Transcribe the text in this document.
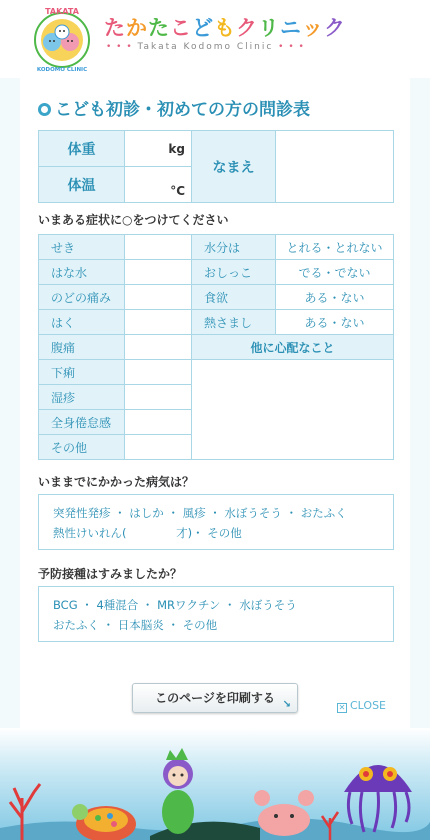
TAKATA
KODOMO CLINIC
たかたこどもクリニック
• • • Takata Kodomo Clinic • • •
こども初診・初めての方の問診表
体重	kg	なまえ	
体温	°C		
いまある症状に○をつけてください
せき		水分は	とれる・とれない
はな水		おしっこ	でる・でない
のどの痛み		食欲	ある・ない
はく		熱さまし	ある・ない
腹痛		他に心配なこと	
下痢			
湿疹			
全身倦怠感			
その他			
いままでにかかった病気は？
突発性発疹 ・ はしか ・ 風疹 ・ 水ぼうそう ・ おたふく
熱性けいれん(　　　　 才)・ その他
予防接種はすみましたか？
BCG ・ 4種混合 ・ MRワクチン ・ 水ぼうそう
おたふく ・ 日本脳炎 ・ その他
このページを印刷する ↘	✕ CLOSE
